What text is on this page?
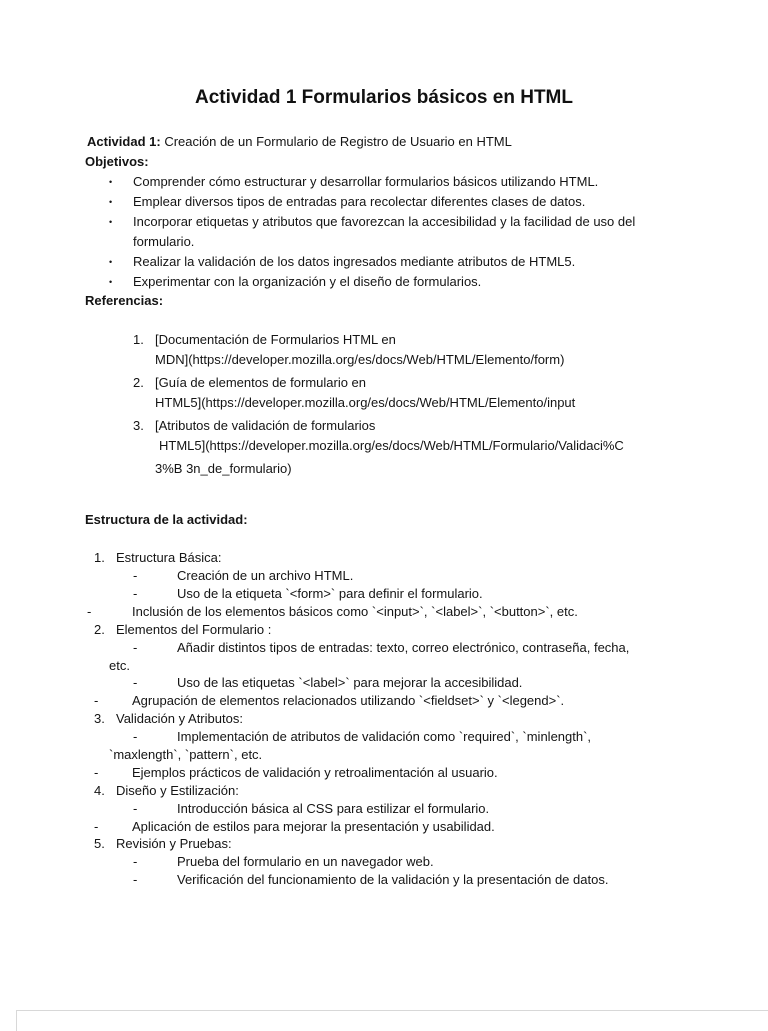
Actividad 1 Formularios básicos en HTML
Actividad 1: Creación de un Formulario de Registro de Usuario en HTML
Objetivos:
• Comprender cómo estructurar y desarrollar formularios básicos utilizando HTML.
• Emplear diversos tipos de entradas para recolectar diferentes clases de datos.
• Incorporar etiquetas y atributos que favorezcan la accesibilidad y la facilidad de uso del
formulario.
• Realizar la validación de los datos ingresados mediante atributos de HTML5.
• Experimentar con la organización y el diseño de formularios.
Referencias:
1. [Documentación de Formularios HTML en
MDN](https://developer.mozilla.org/es/docs/Web/HTML/Elemento/form)
2. [Guía de elementos de formulario en
HTML5](https://developer.mozilla.org/es/docs/Web/HTML/Elemento/input
3. [Atributos de validación de formularios
HTML5](https://developer.mozilla.org/es/docs/Web/HTML/Formulario/Validaci%C
3%B 3n_de_formulario)
Estructura de la actividad:
1. Estructura Básica:
-	Creación de un archivo HTML.
-	Uso de la etiqueta `<form>` para definir el formulario.
-	Inclusión de los elementos básicos como `<input>`, `<label>`, `<button>`, etc.
2. Elementos del Formulario :
-	Añadir distintos tipos de entradas: texto, correo electrónico, contraseña, fecha,
etc.
-	Uso de las etiquetas `<label>` para mejorar la accesibilidad.
-	Agrupación de elementos relacionados utilizando `<fieldset>` y `<legend>`.
3. Validación y Atributos:
-	Implementación de atributos de validación como `required`, `minlength`,
`maxlength`, `pattern`, etc.
-	Ejemplos prácticos de validación y retroalimentación al usuario.
4. Diseño y Estilización:
-	Introducción básica al CSS para estilizar el formulario.
-	Aplicación de estilos para mejorar la presentación y usabilidad.
5. Revisión y Pruebas:
-	Prueba del formulario en un navegador web.
-	Verificación del funcionamiento de la validación y la presentación de datos.
